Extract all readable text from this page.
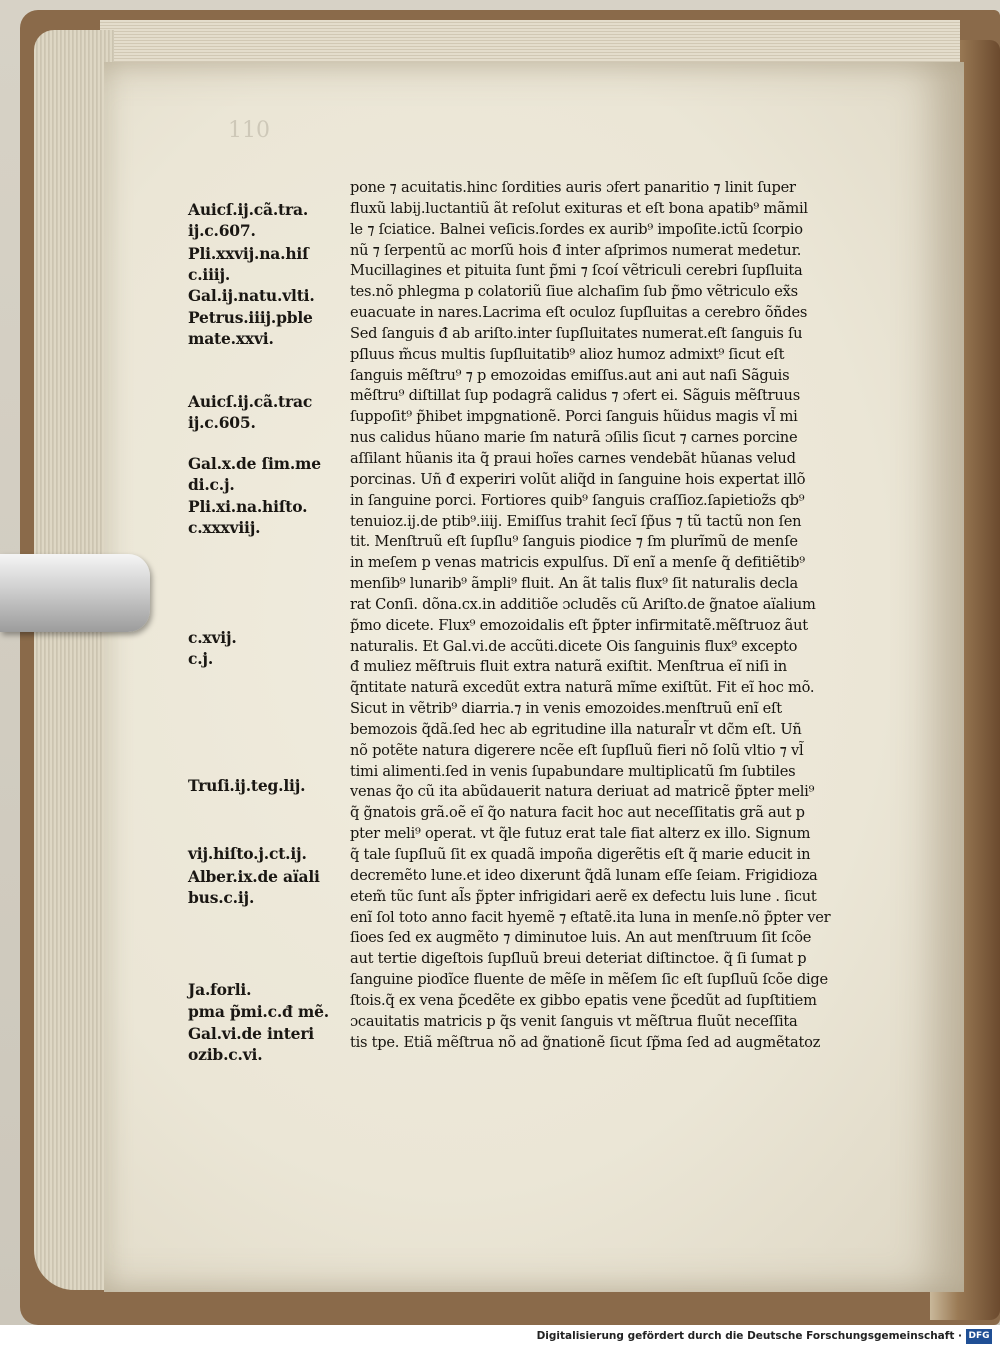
110
Auicſ.ij.cã.tra.
ij.c.607.
Pli.xxvij.na.hiſ
c.iiij.
Gal.ij.natu.vlti.
Petrus.iiij.pble
mate.xxvi.
Auicſ.ij.cã.trac
ij.c.605.
Gal.x.de ſim.me
di.c.j.
Pli.xi.na.hiſto.
c.xxxviij.
c.xvij.
c.j.
Truſi.ij.teg.lij.
vij.hiſto.j.ct.ij.
Alber.ix.de aïali
bus.c.ij.
Ja.forli.
pma p̃mi.c.đ mẽ.
Gal.vi.de interi
ozib.c.vi.
pone ⁊ acuitatis.hinc ſordities auris ɔfert panaritio ⁊ linit ſuper
fluxũ labij.luctantiũ ãt reſolut exituras et eſt bona apatib⁹ mãmil
le ⁊ ſciatice. Balnei veſicis.ſordes ex aurib⁹ impoſite.ictũ ſcorpio
nũ ⁊ ſerpentũ ac morſũ hois đ inter aſprimos numerat medetur.
Mucillagines et pituita ſunt p̃mi ⁊ ſcoí vẽtriculi cerebri ſupſluita
tes.nõ phlegma p colatoriũ ſiue alchaſim ſub p̃mo vẽtriculo ex̃s
euacuate in nares.Lacrima eſt oculoz ſupſluitas a cerebro õñdes
Sed ſanguis đ ab ariſto.inter ſupſluitates numerat.eſt ſanguis ſu
pſluus m̃cus multis ſupſluitatib⁹ alioz humoz admixt⁹ ſicut eſt
ſanguis mẽſtru⁹ ⁊ p emozoidas emiſſus.aut ani aut naſi Sãguis
mẽſtru⁹ diſtillat ſup podagrã calidus ⁊ ɔfert ei. Sãguis mẽſtruus
ſuppoſit⁹ p̃hibet impgnationẽ. Porci ſanguis hũidus magis vl̃ mi
nus calidus hũano marie ſm naturã ɔſilis ſicut ⁊ carnes porcine
aſſilant hũanis ita q̃ praui hoĩes carnes vendebãt hũanas velud
porcinas. Uñ đ experiri volũt aliq̃d in ſanguine hois expertat illõ
in ſanguine porci. Fortiores quib⁹ ſanguis craſſioz.ſapietioz̃s qb⁹
tenuioz.ij.de ptib⁹.iiij. Emiſſus trahit ſecĩ ſp̃us ⁊ tũ tactũ non ſen
tit. Menſtruũ eſt ſupſlu⁹ ſanguis piodice ⁊ ſm plurĩmũ de menſe
in meſem p venas matricis expulſus. Dĩ enĩ a menſe q̃ defitiẽtib⁹
menſib⁹ lunarib⁹ ãmpli⁹ fluit. An ãt talis flux⁹ ſit naturalis decla
rat Conſi. dõna.cx.in additiõe ɔcludẽs cũ Ariſto.de g̃natoe aïalium
p̃mo dicete. Flux⁹ emozoidalis eſt p̃pter infirmitatẽ.mẽſtruoz ãut
naturalis. Et Gal.vi.de accũti.dicete Ois ſanguinis flux⁹ excepto
đ muliez mẽſtruis fluit extra naturã exiſtit. Menſtrua eĩ niſi in
q̃ntitate naturã excedũt extra naturã mĩme exiſtũt. Fit eĩ hoc mõ.
Sicut in vẽtrib⁹ diarria.⁊ in venis emozoides.menſtruũ enĩ eſt
bemozois q̃dã.ſed hec ab egritudine illa natural̃r vt dc̃m eſt. Uñ
nõ potẽte natura digerere ncẽe eſt ſupſluũ fieri nõ ſolũ vltio ⁊ vl̃
timi alimenti.ſed in venis ſupabundare multiplicatũ ſm ſubtiles
venas q̃o cũ ita abũdauerit natura deriuat ad matricẽ p̃pter meli⁹
q̃ g̃natois grã.oẽ eĩ q̃o natura facit hoc aut neceſſitatis grã aut p
pter meli⁹ operat. vt q̃le futuz erat tale fiat alterz ex illo. Signum
q̃ tale ſupſluũ ſit ex quadã impoña digerẽtis eſt q̃ marie educit in
decremẽto lune.et ideo dixerunt q̃dã lunam eſſe ſeiam. Frigidioza
etem̃ tũc ſunt al̃s p̃pter infrigidari aerẽ ex defectu luis lune . ſicut
enĩ ſol toto anno facit hyemẽ ⁊ eſtatẽ.ita luna in menſe.nõ p̃pter ver
ſioes ſed ex augmẽto ⁊ diminutoe luis. An aut menſtruum ſit ſcõe
aut tertie digeſtois ſupſluũ breui deteriat diſtinctoe. q̃ ſi ſumat p
ſanguine piodĩce fluente de mẽſe in mẽſem ſic eſt ſupſluũ ſcõe dige
ſtois.q̃ ex vena p̃cedẽte ex gibbo epatis vene p̃cedũt ad ſupſtitiem
ɔcauitatis matricis p q̃s venit ſanguis vt mẽſtrua fluũt neceſſita
tis tpe. Etiã mẽſtrua nõ ad g̃nationẽ ſicut ſp̃ma ſed ad augmẽtatoz
Digitalisierung gefördert durch die Deutsche Forschungsgemeinschaft · DFG
